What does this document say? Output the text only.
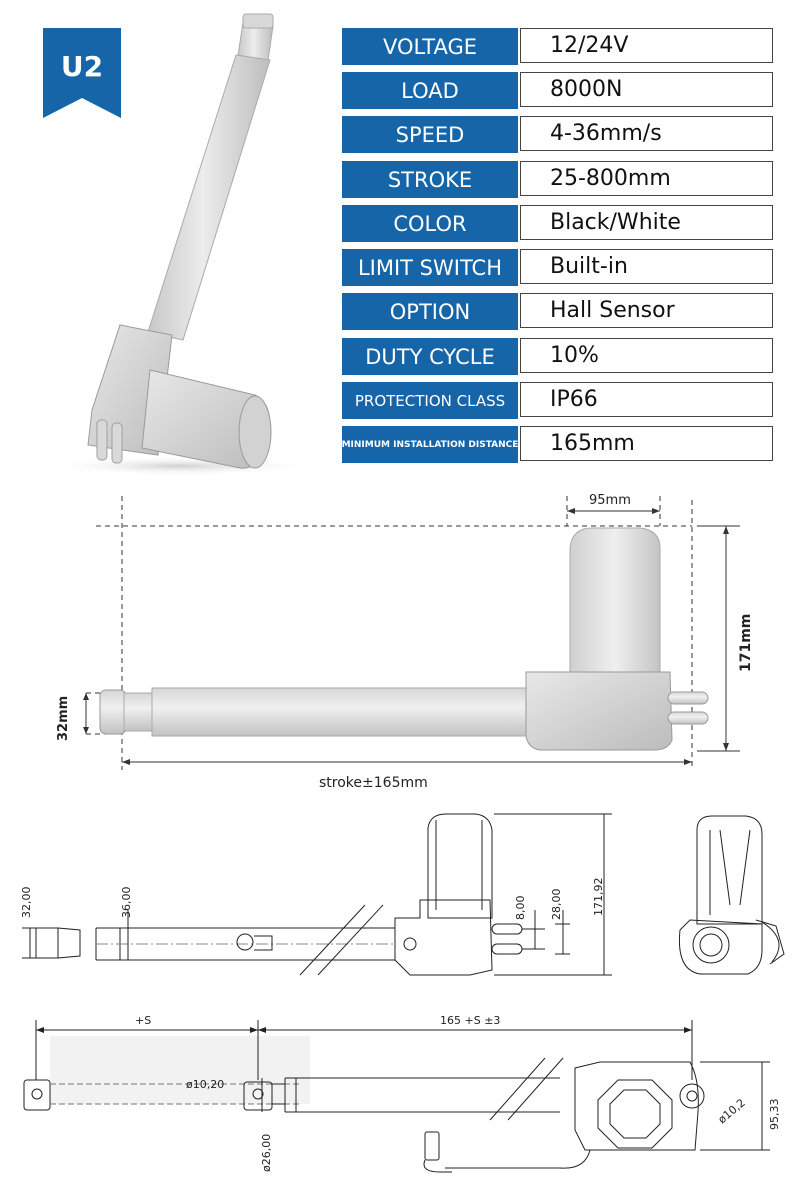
U2
VOLTAGE	12/24V
LOAD	8000N
SPEED	4-36mm/s
STROKE	25-800mm
COLOR	Black/White
LIMIT SWITCH	Built-in
OPTION	Hall Sensor
DUTY CYCLE	10%
PROTECTION CLASS	IP66
MINIMUM INSTALLATION DISTANCE	165mm
95mm
171mm
32mm
stroke±165mm
32,00	36,00	8,00 28,00	171,92
+S	165 +S ±3
ø10,20
ø10,2
ø26,00
95,33
